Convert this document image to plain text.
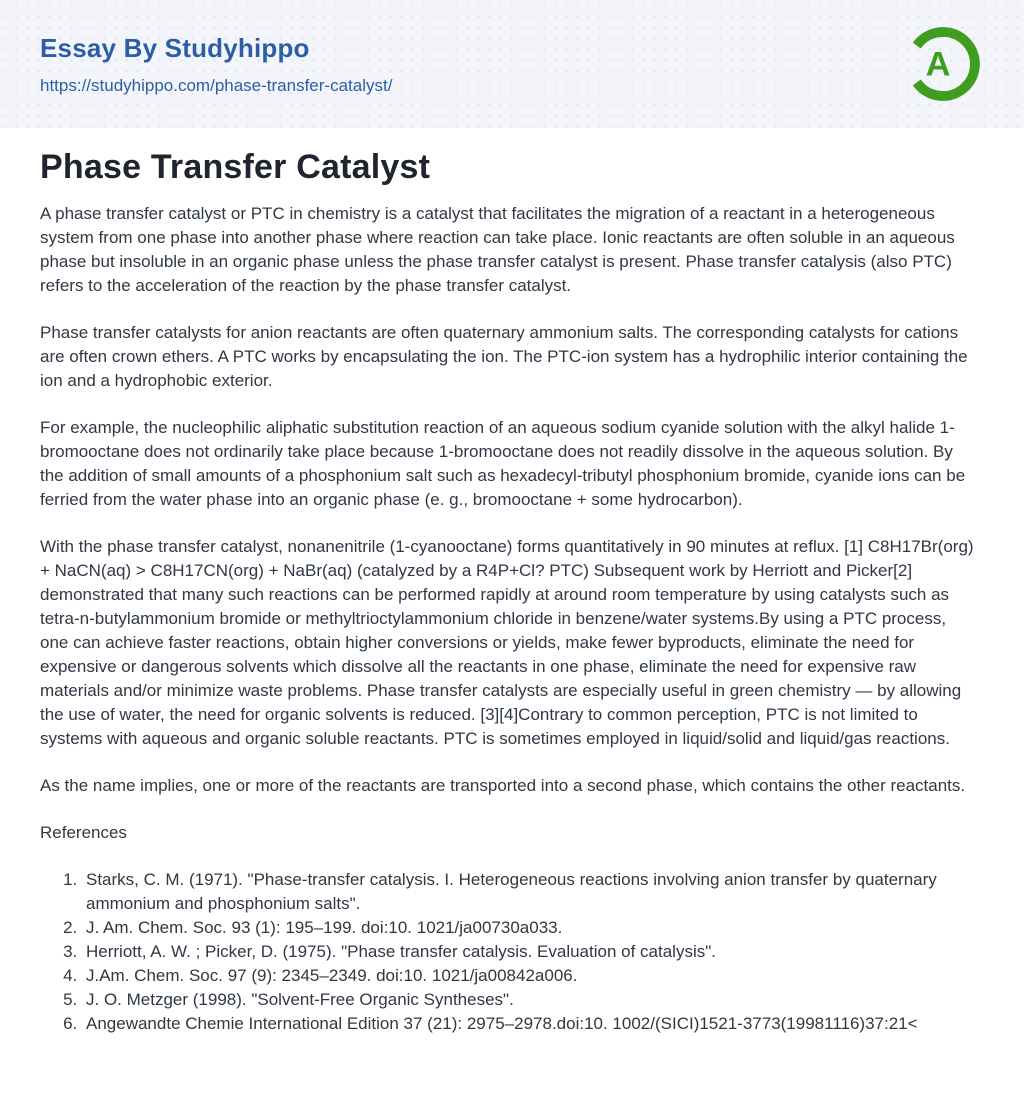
Essay By Studyhippo
https://studyhippo.com/phase-transfer-catalyst/
A
Phase Transfer Catalyst

A phase transfer catalyst or PTC in chemistry is a catalyst that facilitates the migration of a reactant in a heterogeneous system from one phase into another phase where reaction can take place. Ionic reactants are often soluble in an aqueous phase but insoluble in an organic phase unless the phase transfer catalyst is present. Phase transfer catalysis (also PTC) refers to the acceleration of the reaction by the phase transfer catalyst.

Phase transfer catalysts for anion reactants are often quaternary ammonium salts. The corresponding catalysts for cations are often crown ethers. A PTC works by encapsulating the ion. The PTC-ion system has a hydrophilic interior containing the ion and a hydrophobic exterior.

For example, the nucleophilic aliphatic substitution reaction of an aqueous sodium cyanide solution with the alkyl halide 1-bromooctane does not ordinarily take place because 1-bromooctane does not readily dissolve in the aqueous solution. By the addition of small amounts of a phosphonium salt such as hexadecyl-tributyl phosphonium bromide, cyanide ions can be ferried from the water phase into an organic phase (e. g., bromooctane + some hydrocarbon).

With the phase transfer catalyst, nonanenitrile (1-cyanooctane) forms quantitatively in 90 minutes at reflux. [1] C8H17Br(org) + NaCN(aq) > C8H17CN(org) + NaBr(aq) (catalyzed by a R4P+Cl? PTC) Subsequent work by Herriott and Picker[2] demonstrated that many such reactions can be performed rapidly at around room temperature by using catalysts such as tetra-n-butylammonium bromide or methyltrioctylammonium chloride in benzene/water systems.By using a PTC process, one can achieve faster reactions, obtain higher conversions or yields, make fewer byproducts, eliminate the need for expensive or dangerous solvents which dissolve all the reactants in one phase, eliminate the need for expensive raw materials and/or minimize waste problems. Phase transfer catalysts are especially useful in green chemistry — by allowing the use of water, the need for organic solvents is reduced. [3][4]Contrary to common perception, PTC is not limited to systems with aqueous and organic soluble reactants. PTC is sometimes employed in liquid/solid and liquid/gas reactions.

As the name implies, one or more of the reactants are transported into a second phase, which contains the other reactants.

References

1. Starks, C. M. (1971). "Phase-transfer catalysis. I. Heterogeneous reactions involving anion transfer by quaternary ammonium and phosphonium salts".
2. J. Am. Chem. Soc. 93 (1): 195–199. doi:10. 1021/ja00730a033.
3. Herriott, A. W. ; Picker, D. (1975). "Phase transfer catalysis. Evaluation of catalysis".
4. J.Am. Chem. Soc. 97 (9): 2345–2349. doi:10. 1021/ja00842a006.
5. J. O. Metzger (1998). "Solvent-Free Organic Syntheses".
6. Angewandte Chemie International Edition 37 (21): 2975–2978.doi:10. 1002/(SICI)1521-3773(19981116)37:21<
